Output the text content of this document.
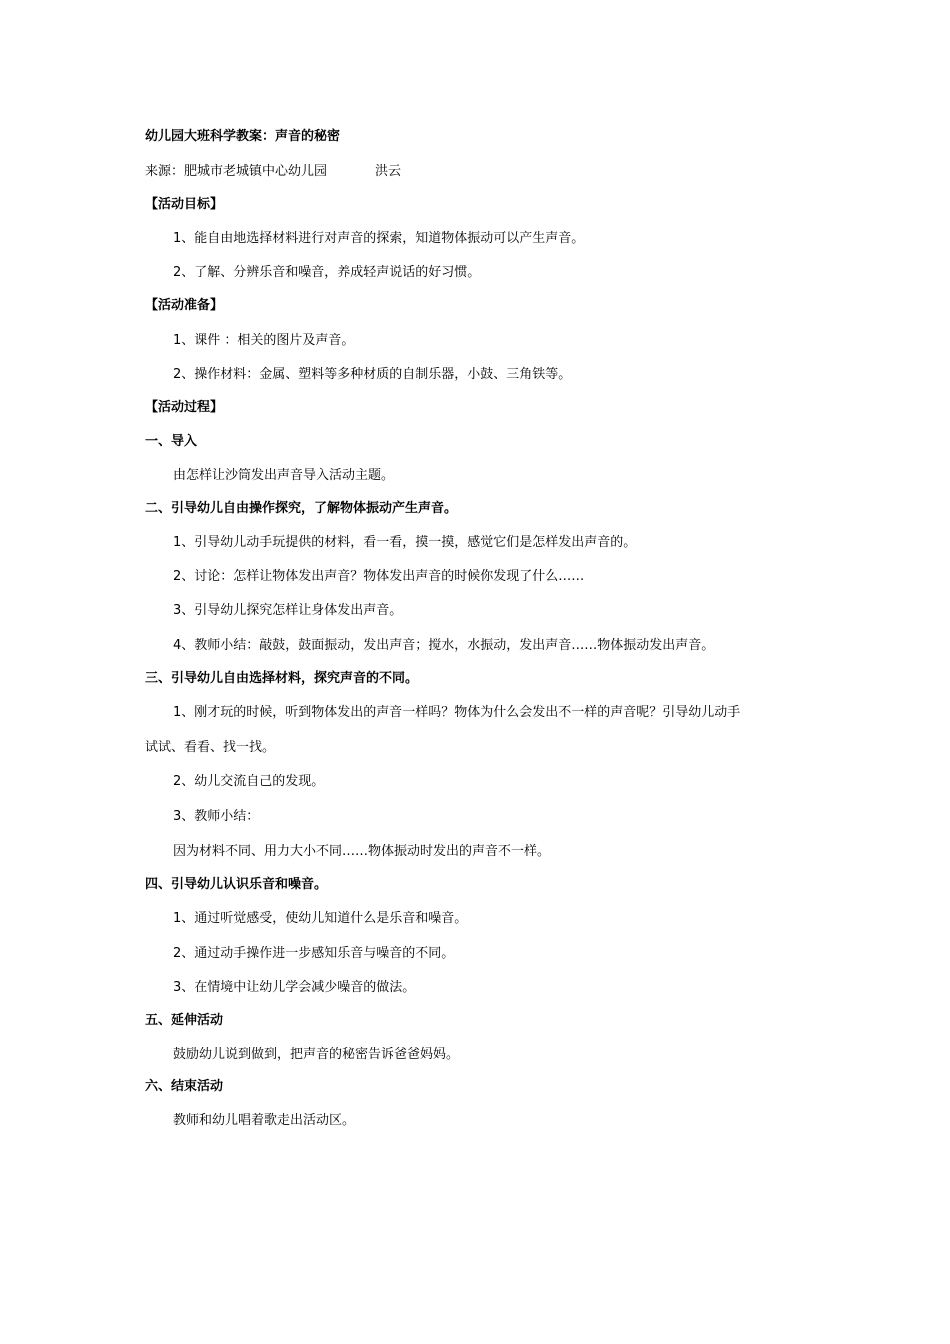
幼儿园大班科学教案：声音的秘密
来源：肥城市老城镇中心幼儿园	洪云
【活动目标】
1、能自由地选择材料进行对声音的探索，知道物体振动可以产生声音。
2、了解、分辨乐音和噪音，养成轻声说话的好习惯。
【活动准备】
1、课件 ：相关的图片及声音。
2、操作材料：金属、塑料等多种材质的自制乐器，小鼓、三角铁等。
【活动过程】
一、导入
由怎样让沙筒发出声音导入活动主题。
二、引导幼儿自由操作探究，了解物体振动产生声音。
1、引导幼儿动手玩提供的材料，看一看，摸一摸，感觉它们是怎样发出声音的。
2、讨论：怎样让物体发出声音？物体发出声音的时候你发现了什么……
3、引导幼儿探究怎样让身体发出声音。
4、教师小结：敲鼓，鼓面振动，发出声音；搅水，水振动，发出声音……物体振动发出声音。
三、引导幼儿自由选择材料，探究声音的不同。
1、刚才玩的时候，听到物体发出的声音一样吗？物体为什么会发出不一样的声音呢？引导幼儿动手
试试、看看、找一找。
2、幼儿交流自己的发现。
3、教师小结：
因为材料不同、用力大小不同……物体振动时发出的声音不一样。
四、引导幼儿认识乐音和噪音。
1、通过听觉感受，使幼儿知道什么是乐音和噪音。
2、通过动手操作进一步感知乐音与噪音的不同。
3、在情境中让幼儿学会减少噪音的做法。
五、延伸活动
鼓励幼儿说到做到，把声音的秘密告诉爸爸妈妈。
六、结束活动
教师和幼儿唱着歌走出活动区。
